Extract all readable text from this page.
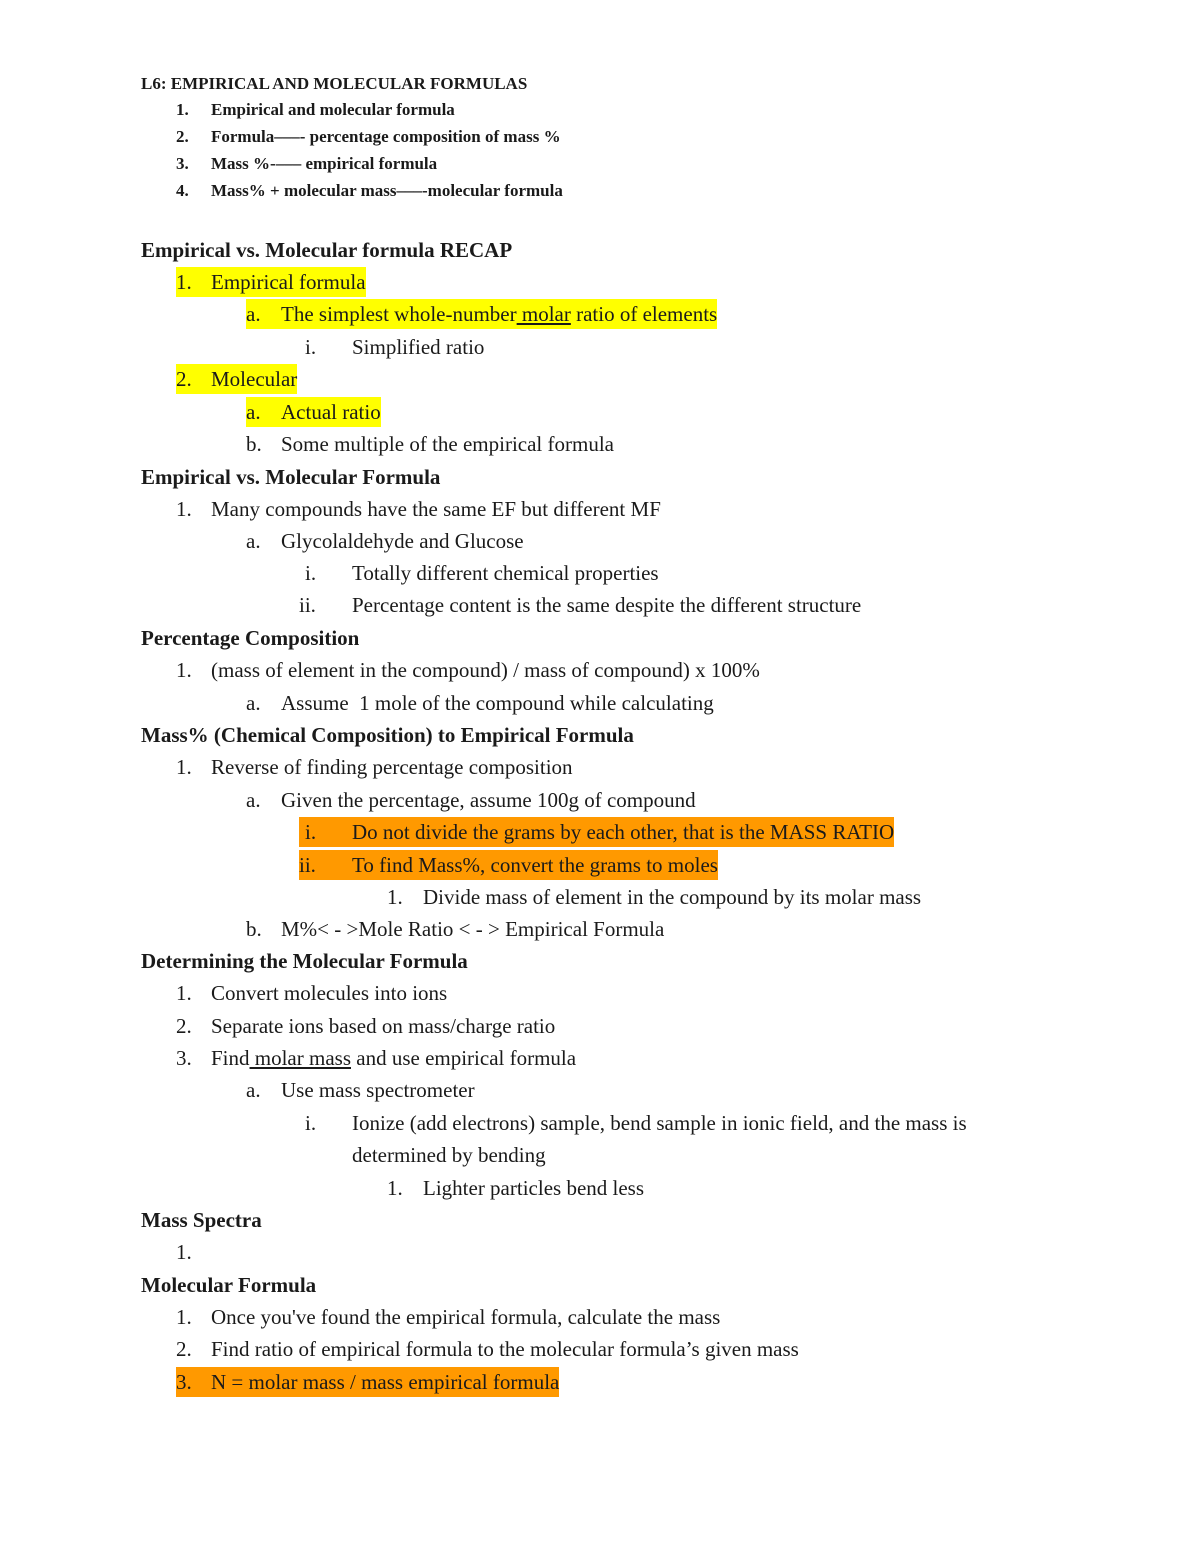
L6: EMPIRICAL AND MOLECULAR FORMULAS
1. Empirical and molecular formula
2. Formula–––- percentage composition of mass %
3. Mass %-––– empirical formula
4. Mass% + molecular mass–––-molecular formula
Empirical vs. Molecular formula RECAP
1. Empirical formula
a. The simplest whole-number molar ratio of elements
i. Simplified ratio
2. Molecular
a. Actual ratio
b. Some multiple of the empirical formula
Empirical vs. Molecular Formula
1. Many compounds have the same EF but different MF
a. Glycolaldehyde and Glucose
i. Totally different chemical properties
ii. Percentage content is the same despite the different structure
Percentage Composition
1. (mass of element in the compound) / mass of compound) x 100%
a. Assume  1 mole of the compound while calculating
Mass% (Chemical Composition) to Empirical Formula
1. Reverse of finding percentage composition
a. Given the percentage, assume 100g of compound
i. Do not divide the grams by each other, that is the MASS RATIO
ii. To find Mass%, convert the grams to moles
1. Divide mass of element in the compound by its molar mass
b. M%< - >Mole Ratio < - > Empirical Formula
Determining the Molecular Formula
1. Convert molecules into ions
2. Separate ions based on mass/charge ratio
3. Find molar mass and use empirical formula
a. Use mass spectrometer
i. Ionize (add electrons) sample, bend sample in ionic field, and the mass is
determined by bending
1. Lighter particles bend less
Mass Spectra
1.
Molecular Formula
1. Once you've found the empirical formula, calculate the mass
2. Find ratio of empirical formula to the molecular formula’s given mass
3. N = molar mass / mass empirical formula
